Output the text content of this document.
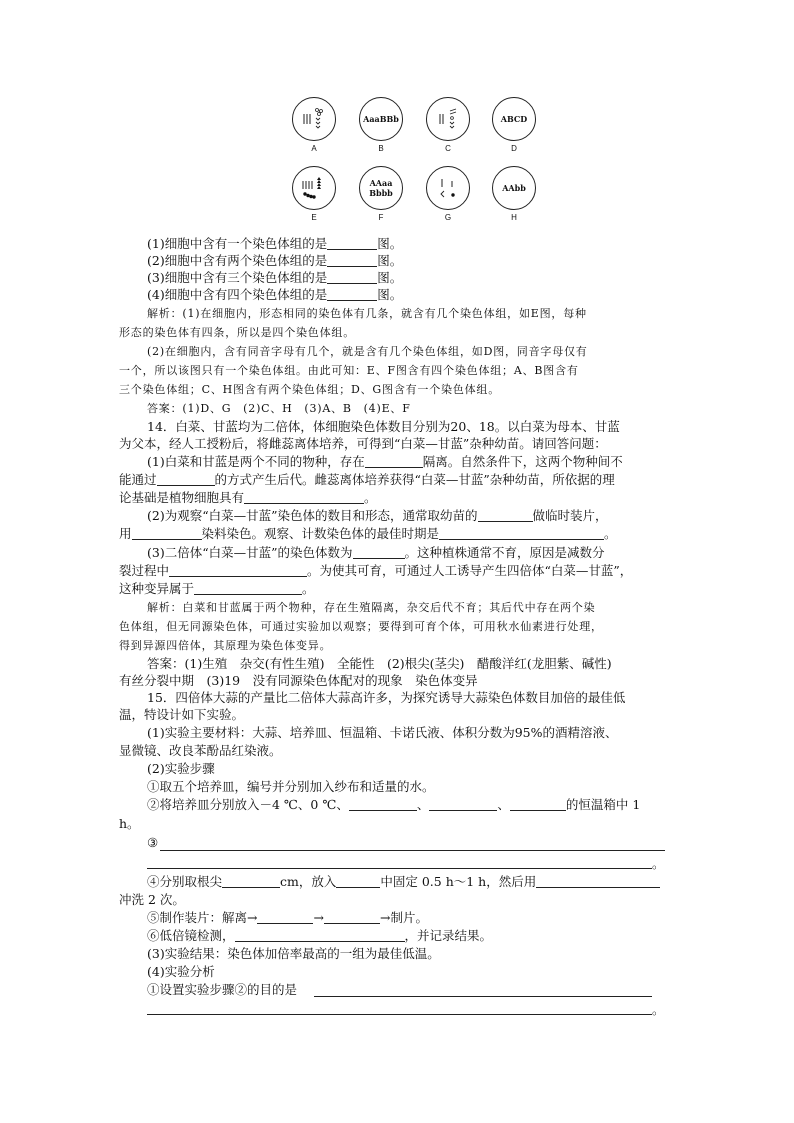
A
AaaBBb
B	C
ABCD
D
E
AAaa
Bbbb
F	G
AAbb
H
(1)细胞中含有一个染色体组的是	图。
(2)细胞中含有两个染色体组的是	图。
(3)细胞中含有三个染色体组的是	图。
(4)细胞中含有四个染色体组的是	图。
解析：(1)在细胞内，形态相同的染色体有几条，就含有几个染色体组，如E图，每种
形态的染色体有四条，所以是四个染色体组。
(2)在细胞内，含有同音字母有几个，就是含有几个染色体组，如D图，同音字母仅有
一个，所以该图只有一个染色体组。由此可知：E、F图含有四个染色体组；A、B图含有
三个染色体组；C、H图含有两个染色体组；D、G图含有一个染色体组。
答案：(1)D、G　(2)C、H　(3)A、B　(4)E、F
14．白菜、甘蓝均为二倍体，体细胞染色体数目分别为20、18。以白菜为母本、甘蓝
为父本，经人工授粉后，将雌蕊离体培养，可得到“白菜—甘蓝”杂种幼苗。请回答问题：
(1)白菜和甘蓝是两个不同的物种，存在	隔离。自然条件下，这两个物种间不
能通过	的方式产生后代。雌蕊离体培养获得“白菜—甘蓝”杂种幼苗，所依据的理
论基础是植物细胞具有	。
(2)为观察“白菜—甘蓝”染色体的数目和形态，通常取幼苗的	做临时装片，
用	染料染色。观察、计数染色体的最佳时期是	。
(3)二倍体“白菜—甘蓝”的染色体数为	。这种植株通常不育，原因是减数分
裂过程中	。为使其可育，可通过人工诱导产生四倍体“白菜—甘蓝”，
这种变异属于	。
解析：白菜和甘蓝属于两个物种，存在生殖隔离，杂交后代不育；其后代中存在两个染
色体组，但无同源染色体，可通过实验加以观察；要得到可育个体，可用秋水仙素进行处理，
得到异源四倍体，其原理为染色体变异。
答案：(1)生殖　杂交(有性生殖)　全能性　(2)根尖(茎尖)　醋酸洋红(龙胆紫、碱性)
有丝分裂中期　(3)19　没有同源染色体配对的现象　染色体变异
15．四倍体大蒜的产量比二倍体大蒜高许多，为探究诱导大蒜染色体数目加倍的最佳低
温，特设计如下实验。
(1)实验主要材料：大蒜、培养皿、恒温箱、卡诺氏液、体积分数为95%的酒精溶液、
显微镜、改良苯酚品红染液。
(2)实验步骤
①取五个培养皿，编号并分别加入纱布和适量的水。
②将培养皿分别放入－4 ℃、0 ℃、	、	、	的恒温箱中 1
h。
③
。
④分别取根尖	cm，放入	中固定 0.5 h～1 h，然后用
冲洗 2 次。
⑤制作装片：解离→	→	→制片。
⑥低倍镜检测，	，并记录结果。
(3)实验结果：染色体加倍率最高的一组为最佳低温。
(4)实验分析
①设置实验步骤②的目的是
。
